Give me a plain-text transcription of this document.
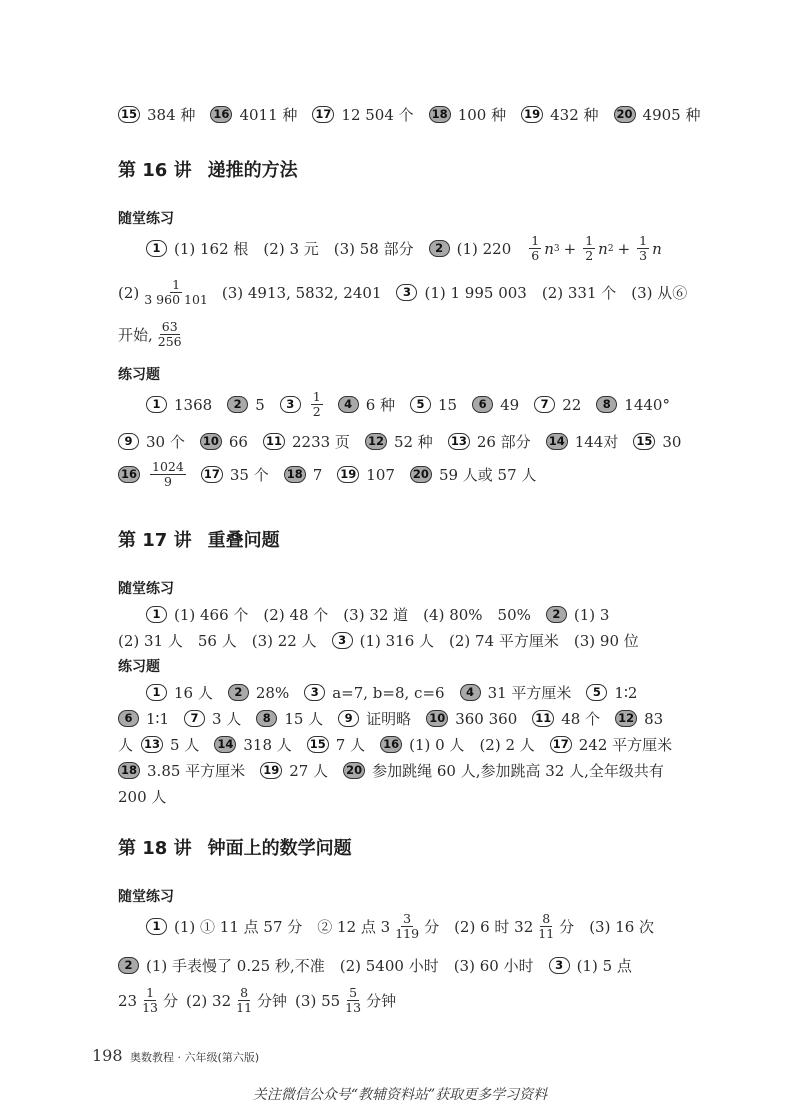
15 384 种 16 4011 种 17 12 504 个 18 100 种 19 432 种 20 4905 种
第 16 讲 递推的方法
随堂练习
1 (1) 162 根 (2) 3 元 (3) 58 部分	2 (1) $220 \frac{1}{6}$ n $3 + \frac{1}{2}$ n $2 + \frac{1}{3}$ n
$(2) \frac{1}{3 960 101} (3)$ 4913, 5832, 2401	3 (1) 1 995 003 (2) 331 个 (3) 从⑥
开始, $\frac{63}{256}$
练习题
1 1368	2 5	3	$\frac{1}{2}$	4 6 种	5 15	6 49	7 22	8 1440°
9 30 个 10 66 11 2233 页 12 52 种 13 26 部分 14 144对 15 30
$16 \frac{1024}{9} 17$ 35 个 18 7 19 107 20 59 人或 57 人
第 17 讲 重叠问题
随堂练习
1 (1) 466 个 (2) 48 个 (3) 32 道 (4) 80% 50%	2 (1) 3
(2) 31 人 56 人 (3) 22 人	3 (1) 316 人 (2) 74 平方厘米 (3) 90 位
练习题
1 16 人	2 28%	3 a=7, b=8, c=6	4 31 平方厘米	5 1∶2
6 1∶1	7 3 人	8 15 人	9 证明略 10 360 360 11 48 个 12 83
人 13 5 人 14 318 人 15 7 人 16 (1) 0 人 (2) 2 人 17 242 平方厘米
18 3.85 平方厘米 19 27 人 20 参加跳绳 60 人,参加跳高 32 人,全年级共有
200 人
第 18 讲 钟面上的数学问题
随堂练习
1 (1) ① 11 点 57 分 ② 12 点 $3 \frac{3}{119}$ 分 (2) 6 时 $32 \frac{8}{11}$ 分 (3) 16 次
2 (1) 手表慢了 0.25 秒,不准 (2) 5400 小时 (3) 60 小时	3 (1) 5 点
$23 \frac{1}{13}$ 分 (2) $32 \frac{8}{11}$ 分钟 (3) $55 \frac{5}{13}$ 分钟
198 奥数教程 · 六年级(第六版)
关注微信公众号“教辅资料站”获取更多学习资料
